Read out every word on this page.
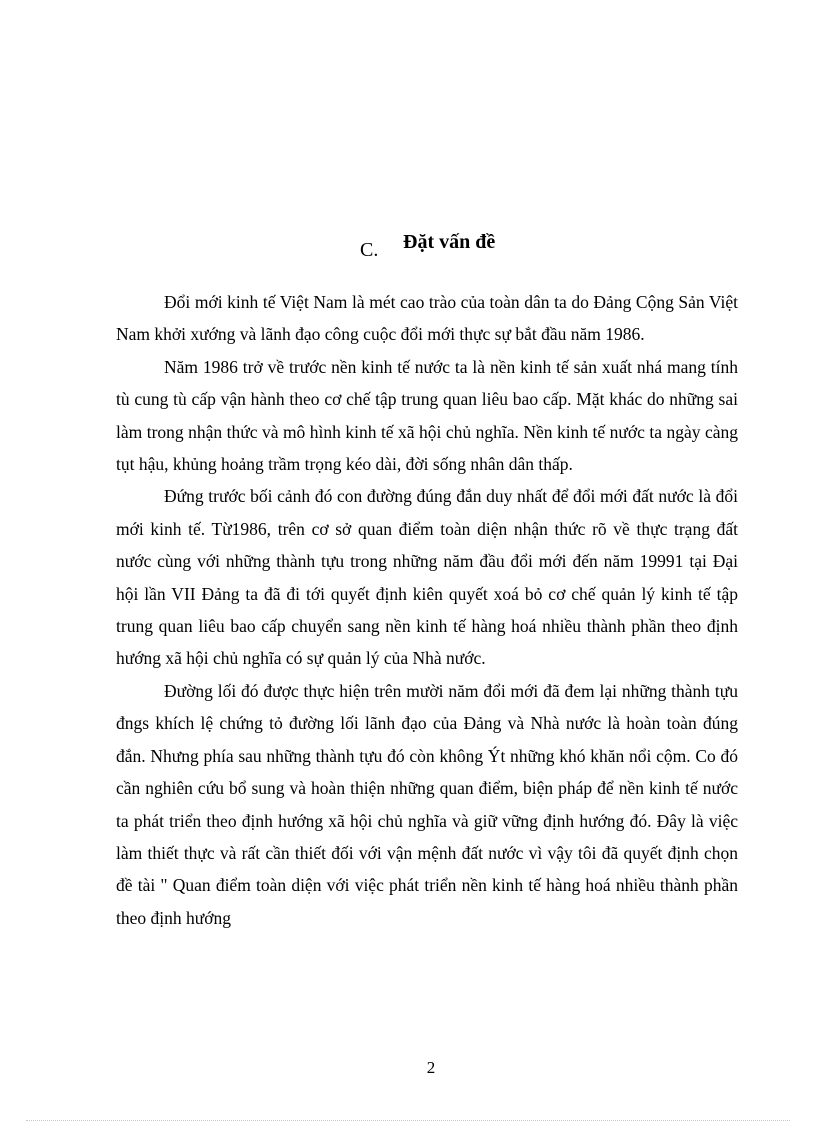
C. Đặt vấn đề

Đổi mới kinh tế Việt Nam là mét cao trào của toàn dân ta do Đảng Cộng Sản Việt Nam khởi xướng và lãnh đạo công cuộc đổi mới thực sự bắt đầu năm 1986.

Năm 1986 trở về trước nền kinh tế nước ta là nền kinh tế sản xuất nhá mang tính tù cung tù cấp vận hành theo cơ chế tập trung quan liêu bao cấp. Mặt khác do những sai làm trong nhận thức và mô hình kinh tế xã hội chủ nghĩa. Nền kinh tế nước ta ngày càng tụt hậu, khủng hoảng trầm trọng kéo dài, đời sống nhân dân thấp.

Đứng trước bối cảnh đó con đường đúng đắn duy nhất để đổi mới đất nước là đổi mới kinh tế. Từ1986, trên cơ sở quan điểm toàn diện nhận thức rõ về thực trạng đất nước cùng với những thành tựu trong những năm đầu đổi mới đến năm 19991 tại Đại hội lần VII Đảng ta đã đi tới quyết định kiên quyết xoá bỏ cơ chế quản lý kinh tế tập trung quan liêu bao cấp chuyển sang nền kinh tế hàng hoá nhiều thành phần theo định hướng xã hội chủ nghĩa có sự quản lý của Nhà nước.

Đường lối đó được thực hiện trên mười năm đổi mới đã đem lại những thành tựu đngs khích lệ chứng tỏ đường lối lãnh đạo của Đảng và Nhà nước là hoàn toàn đúng đắn. Nhưng phía sau những thành tựu đó còn không Ýt những khó khăn nổi cộm. Co đó cần nghiên cứu bổ sung và hoàn thiện những quan điểm, biện pháp để nền kinh tế nước ta phát triển theo định hướng xã hội chủ nghĩa và giữ vững định hướng đó. Đây là việc làm thiết thực và rất cần thiết đối với vận mệnh đất nước vì vậy tôi đã quyết định chọn đề tài " Quan điểm toàn diện với việc phát triển nền kinh tế hàng hoá nhiều thành phần theo định hướng

2
